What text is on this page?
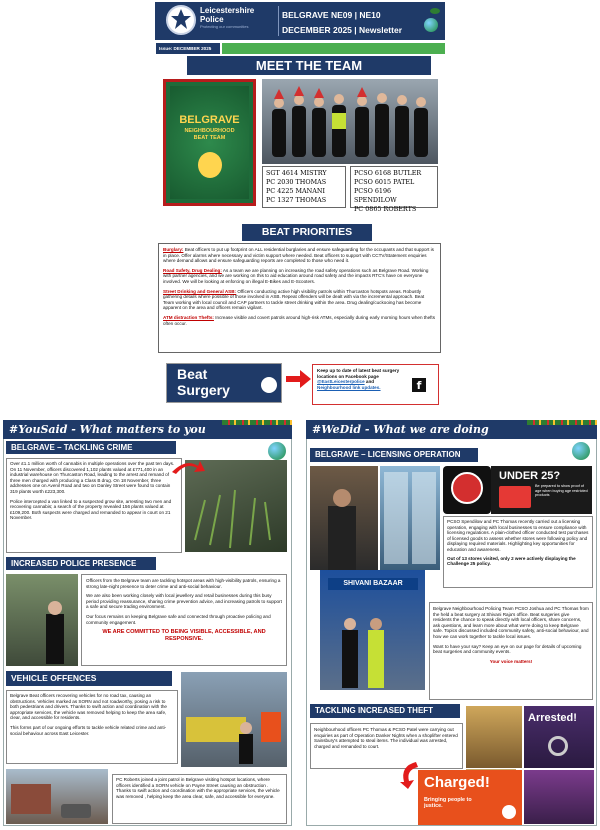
Leicestershire
Police
Protecting our communities
BELGRAVE NE09 | NE10
DECEMBER 2025 | Newsletter
Issue: DECEMBER 2025
MEET THE TEAM
BELGRAVE
NEIGHBOURHOOD
BEAT TEAM
SGT 4614 MISTRY
PC 2030 THOMAS
PC 4225 MANANI
PC 1327 THOMAS
PCSO 6168 BUTLER
PCSO 6015 PATEL
PCSO 6196 SPENDILOW
PC 0865 ROBERTS
BEAT PRIORITIES

Burglary: Beat officers to put up footprint on ALL residential burglaries and ensure safeguarding for the occupants and that support is in place. Offer alarms where necessary and victim support where needed. Beat officers to support with CCTV/Statement enquiries where demand allows and ensure safeguarding reports are completed to those who need it.

Road Safety, Drug Dealing: As a team we are planning on increasing the road safety operations such as Belgrave Road. Working with partner agencies, and we are working on this to aid education around road safety and the impacts RTC's have on everyone involved. We will be looking at enforcing on illegal E-Bikes and E-Scooters.

Street Drinking and General ASB: Officers conducting active high visibility patrols within Thurcaston hotspots areas. Robustly gathering details where possible of those involved in ASB. Repeat offenders will be dealt with via the incremental approach. Beat Team working with local council and CAP partners to tackle street drinking within the area. Drug dealing/cuckooing has become apparent on the area and officers remain vigilant.

ATM distraction Thefts: Increase visible and covert patrols around high-risk ATMs, especially during early morning hours when thefts often occur.

Beat
Surgery
Keep up to date of latest beat surgery locations on Facebook page @EastLeicesterpolice and Neighbourhood link updates.	f
#YouSaid - What matters to you
BELGRAVE – TACKLING CRIME

Over £1.1 million worth of cannabis in multiple operations over the past ten days. On 11 November, officers discovered 1,102 plants valued at £771,400 in an industrial warehouse on Thurcaston Road, leading to the arrest and remand of three men charged with producing a Class B drug. On 18 November, three addresses one on Avenil Road and two on Danley Street were found to contain 319 plants worth £223,300.

Police intercepted a van linked to a suspected grow site, arresting two men and recovering cannabis; a search of the property revealed 156 plants valued at £109,200. Both suspects were charged and remanded to appear in court on 21 November.

INCREASED POLICE PRESENCE

Officers from the Belgrave team are tackling hotspot areas with high-visibility patrols, ensuring a strong late-night presence to deter crime and anti-social behaviour.

We are also been working closely with local jewellery and retail businesses during this busy period providing reassurance, sharing crime prevention advice, and increasing patrols to support a safe and secure trading environment.

Our focus remains on keeping Belgrave safe and connected through proactive policing and community engagement.

WE ARE COMMITTED TO BEING VISIBLE, ACCESSIBLE, AND RESPONSIVE.

VEHICLE OFFENCES

Belgrave Beat officers recovering vehicles for no road tax, causing an obstructions. Vehicles marked as SORN and not roadworthy, posing a risk to both pedestrians and drivers. Thanks to swift action and coordination with the appropriate services, the vehicle was removed helping to keep the area safe, clear, and accessible for residents.

This forms part of our ongoing efforts to tackle vehicle related crime and anti-social behaviour across East Leicester.

PC Roberts joined a joint patrol in Belgrave visiting hotspot locations, where officers identified a SORN vehicle on Payne Street causing an obstruction . Thanks to swift action and coordination with the appropriate services, the vehicle was removed , helping keep the area clear, safe, and accessible for everyone.
#WeDid - What we are doing
BELGRAVE – LICENSING OPERATION
UNDER 25?
Be prepared to show proof of age when buying age restricted products

PCSO Spendilow and PC Thomas recently carried out a licensing operation, engaging with local businesses to ensure compliance with licensing regulations. A plain-clothed officer conducted test purchases of licensed goods to assess whether stores were following policy and displaying required materials. Highlighting key opportunities for education and awareness.

Out of 13 stores visited, only 2 were actively displaying the Challenge 25 policy.

SHIVANI BAZAAR

Belgrave Neighbourhood Policing Team PCSO Joshua and PC Thomas from the held a beat surgery at Shivani Raja's office. Beat surgeries give residents the chance to speak directly with local officers, share concerns, ask questions, and learn more about what we're doing to keep Belgrave safe. Topics discussed included community safety, anti-social behaviour, and how we can work together to tackle local issues.

Want to have your say? Keep an eye on our page for details of upcoming beat surgeries and community events.

Your voice matters!

TACKLING INCREASED THEFT
Neighbourhood officers PC Thomas & PCSO Patel were carrying out enquiries as part of Operation Danker Nights when a shoplifter entered Sainsbury's attempted to steal items. The individual was arrested, charged and remanded to court.
Arrested!
Charged!
Bringing people to justice.
